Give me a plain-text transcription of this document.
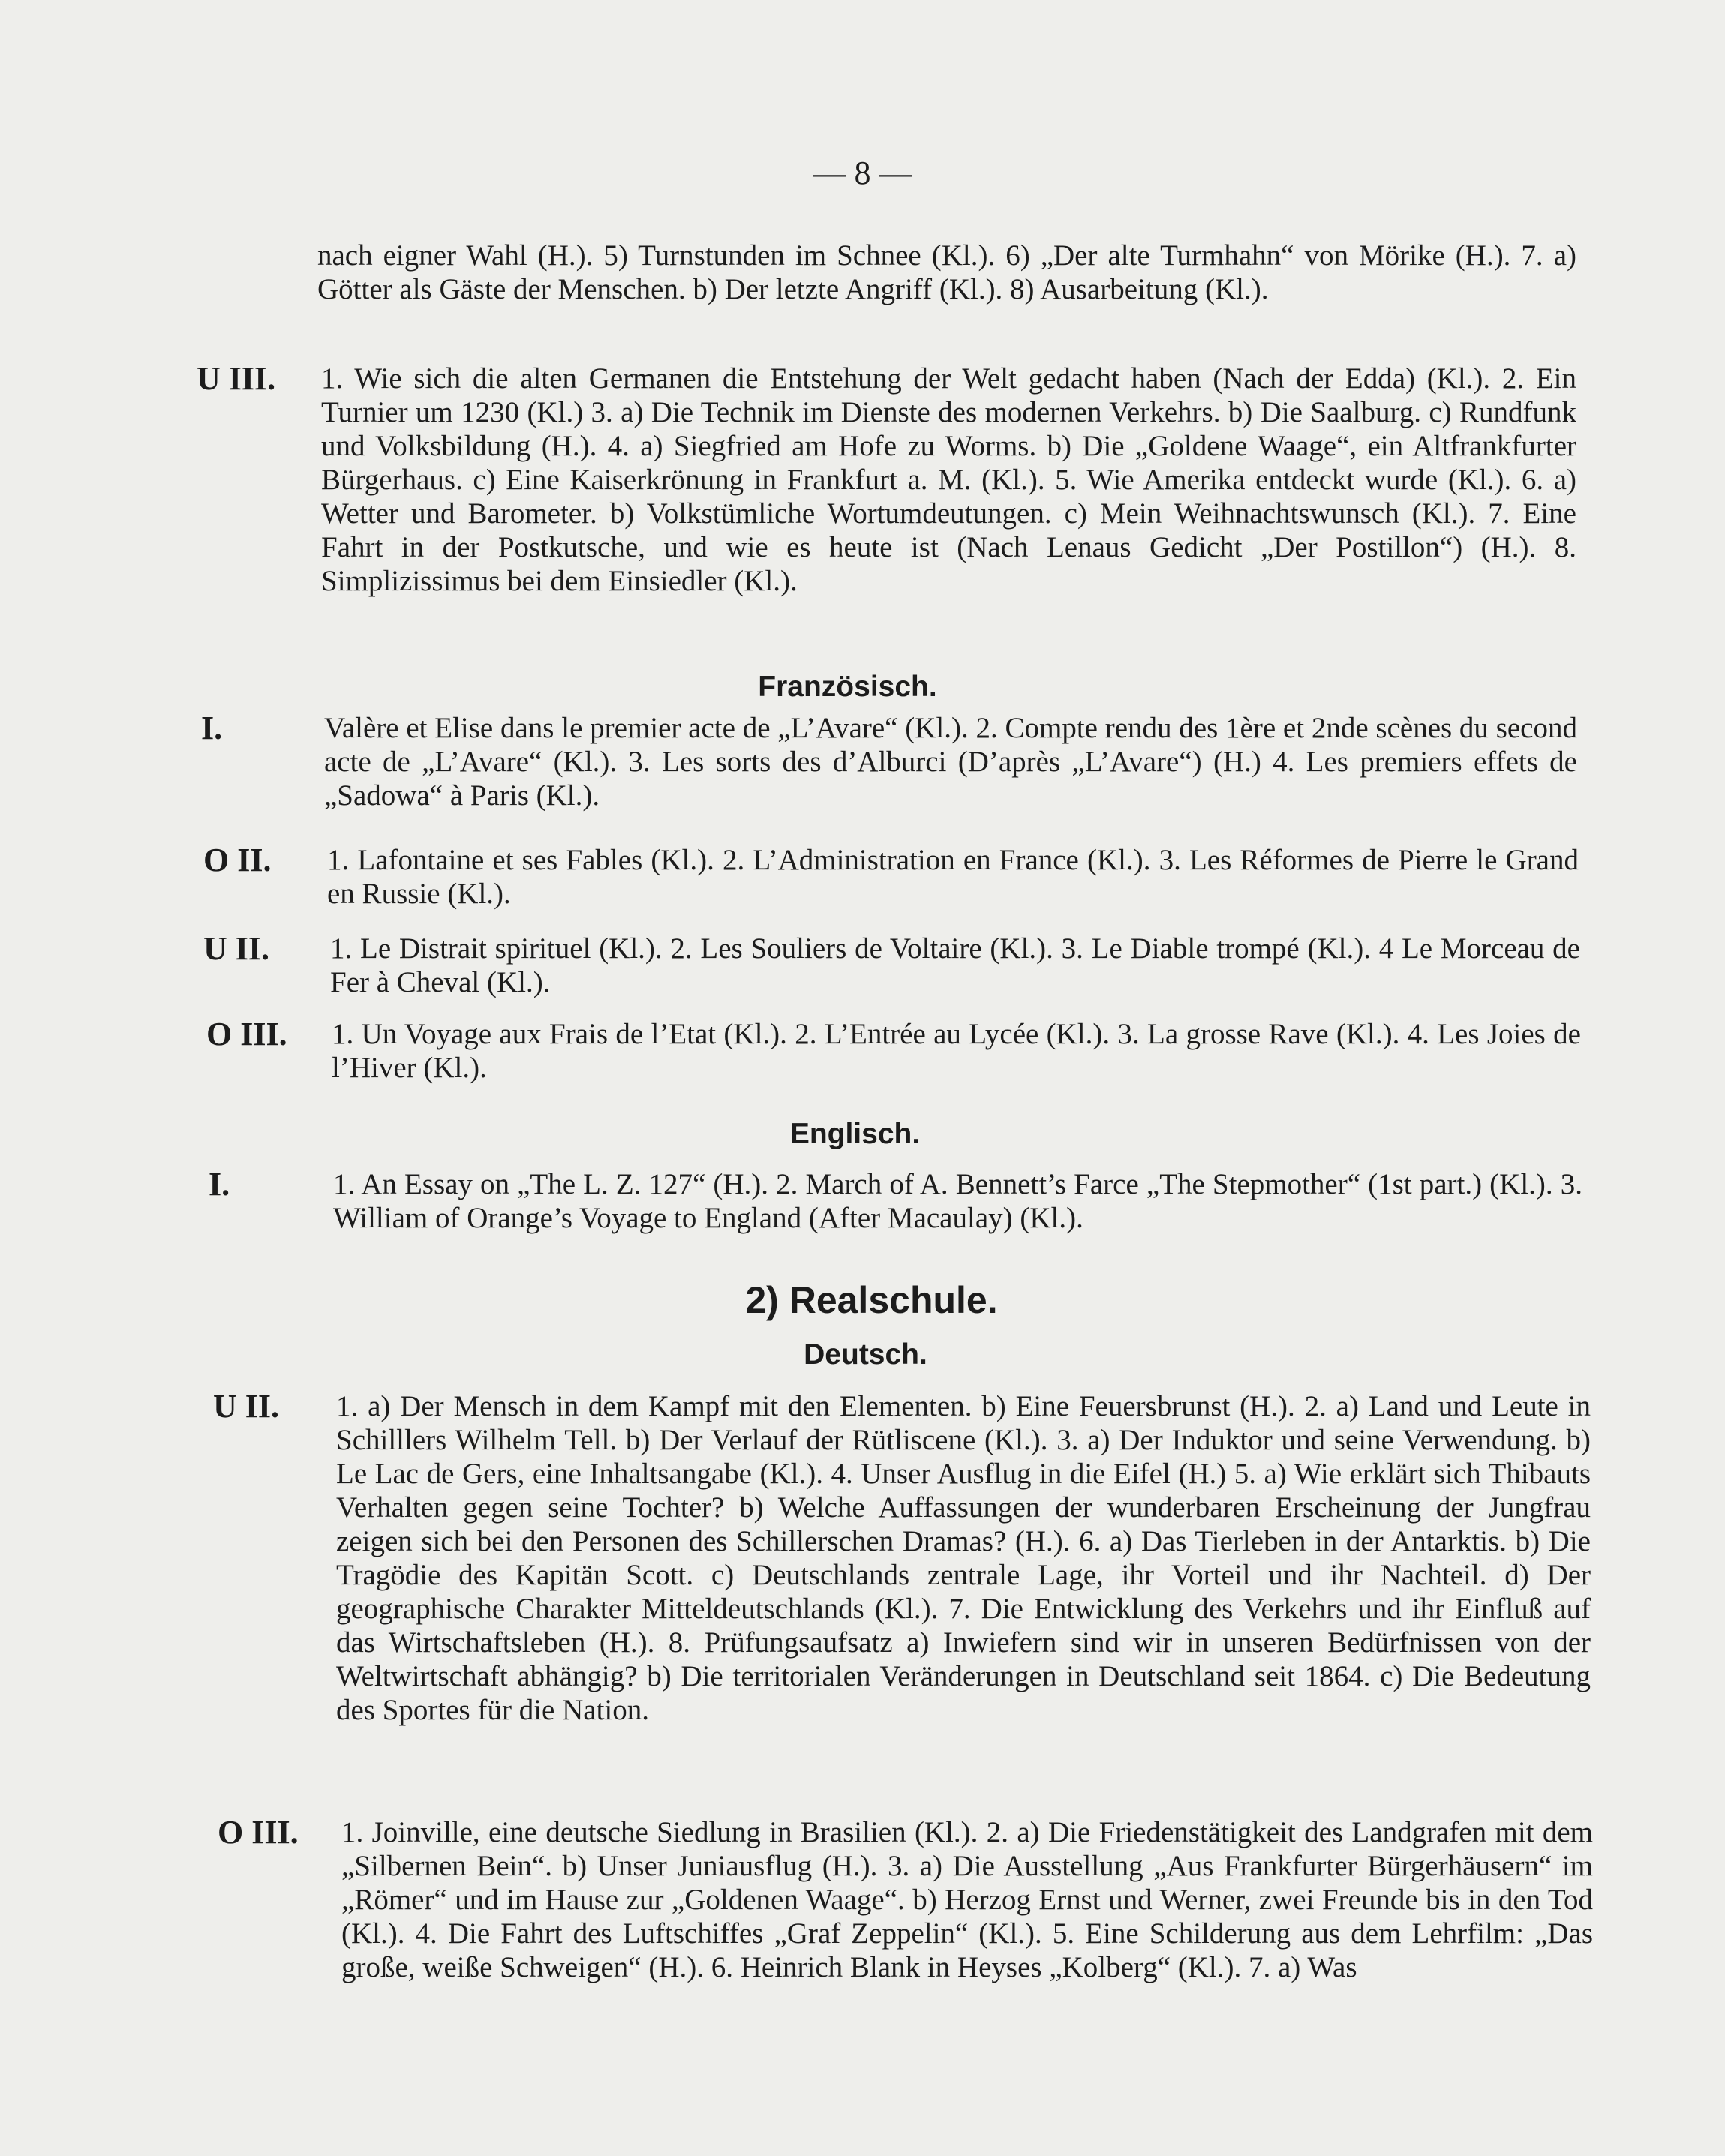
— 8 —
nach eigner Wahl (H.). 5) Turnstunden im Schnee (Kl.). 6) „Der alte Turmhahn“ von Mörike (H.). 7. a) Götter als Gäste der Menschen. b) Der letzte Angriff (Kl.). 8) Ausarbeitung (Kl.).
U III.	1. Wie sich die alten Germanen die Entstehung der Welt gedacht haben (Nach der Edda) (Kl.). 2. Ein Turnier um 1230 (Kl.) 3. a) Die Technik im Dienste des modernen Verkehrs. b) Die Saalburg. c) Rundfunk und Volksbildung (H.). 4. a) Siegfried am Hofe zu Worms. b) Die „Goldene Waage“, ein Altfrankfurter Bürgerhaus. c) Eine Kaiserkrönung in Frankfurt a. M. (Kl.). 5. Wie Amerika entdeckt wurde (Kl.). 6. a) Wetter und Barometer. b) Volkstümliche Wortumdeutungen. c) Mein Weihnachtswunsch (Kl.). 7. Eine Fahrt in der Postkutsche, und wie es heute ist (Nach Lenaus Gedicht „Der Postillon“) (H.). 8. Simplizissimus bei dem Einsiedler (Kl.).
Französisch.
I.	Valère et Elise dans le premier acte de „L’Avare“ (Kl.). 2. Compte rendu des 1ère et 2nde scènes du second acte de „L’Avare“ (Kl.). 3. Les sorts des d’Alburci (D’après „L’Avare“) (H.) 4. Les premiers effets de „Sadowa“ à Paris (Kl.).
O II.	1. Lafontaine et ses Fables (Kl.). 2. L’Administration en France (Kl.). 3. Les Réformes de Pierre le Grand en Russie (Kl.).
U II.	1. Le Distrait spirituel (Kl.). 2. Les Souliers de Voltaire (Kl.). 3. Le Diable trompé (Kl.). 4 Le Morceau de Fer à Cheval (Kl.).
O III.	1. Un Voyage aux Frais de l’Etat (Kl.). 2. L’Entrée au Lycée (Kl.). 3. La grosse Rave (Kl.). 4. Les Joies de l’Hiver (Kl.).
Englisch.
I.	1. An Essay on „The L. Z. 127“ (H.). 2. March of A. Bennett’s Farce „The Stepmother“ (1st part.) (Kl.). 3. William of Orange’s Voyage to England (After Macaulay) (Kl.).
2) Realschule.
Deutsch.
U II.	1. a) Der Mensch in dem Kampf mit den Elementen. b) Eine Feuersbrunst (H.). 2. a) Land und Leute in Schilllers Wilhelm Tell. b) Der Verlauf der Rütliscene (Kl.). 3. a) Der Induktor und seine Verwendung. b) Le Lac de Gers, eine Inhaltsangabe (Kl.). 4. Unser Ausflug in die Eifel (H.) 5. a) Wie erklärt sich Thibauts Verhalten gegen seine Tochter? b) Welche Auffassungen der wunderbaren Erscheinung der Jungfrau zeigen sich bei den Personen des Schillerschen Dramas? (H.). 6. a) Das Tierleben in der Antarktis. b) Die Tragödie des Kapitän Scott. c) Deutschlands zentrale Lage, ihr Vorteil und ihr Nachteil. d) Der geographische Charakter Mitteldeutschlands (Kl.). 7. Die Entwicklung des Verkehrs und ihr Einfluß auf das Wirtschaftsleben (H.). 8. Prüfungsaufsatz a) Inwiefern sind wir in unseren Bedürfnissen von der Weltwirtschaft abhängig? b) Die territorialen Veränderungen in Deutschland seit 1864. c) Die Bedeutung des Sportes für die Nation.
O III.	1. Joinville, eine deutsche Siedlung in Brasilien (Kl.). 2. a) Die Friedenstätigkeit des Landgrafen mit dem „Silbernen Bein“. b) Unser Juniausflug (H.). 3. a) Die Ausstellung „Aus Frankfurter Bürgerhäusern“ im „Römer“ und im Hause zur „Goldenen Waage“. b) Herzog Ernst und Werner, zwei Freunde bis in den Tod (Kl.). 4. Die Fahrt des Luftschiffes „Graf Zeppelin“ (Kl.). 5. Eine Schilderung aus dem Lehrfilm: „Das große, weiße Schweigen“ (H.). 6. Heinrich Blank in Heyses „Kolberg“ (Kl.). 7. a) Was
